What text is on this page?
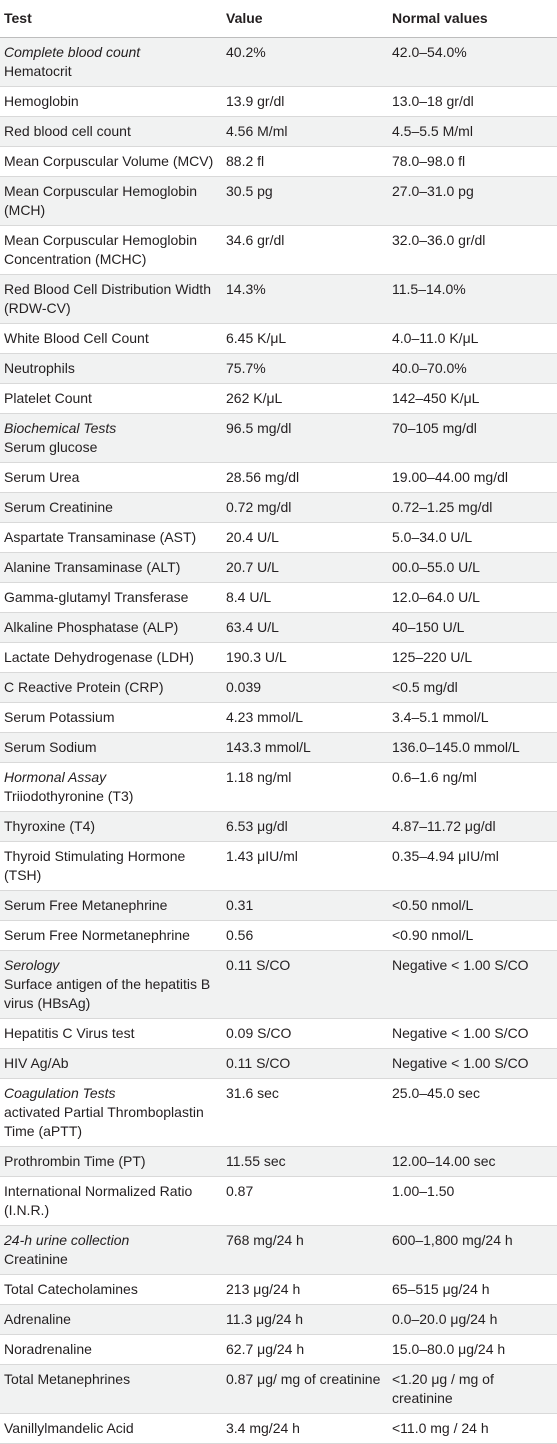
Test	Value	Normal values

Complete blood count
Hematocrit	40.2%	42.0–54.0%

Hemoglobin	13.9 gr/dl	13.0–18 gr/dl

Red blood cell count	4.56 M/ml	4.5–5.5 M/ml

Mean Corpuscular Volume (MCV)	88.2 fl	78.0–98.0 fl

Mean Corpuscular Hemoglobin (MCH)	30.5 pg	27.0–31.0 pg

Mean Corpuscular Hemoglobin Concentration (MCHC)	34.6 gr/dl	32.0–36.0 gr/dl

Red Blood Cell Distribution Width (RDW-CV)	14.3%	11.5–14.0%

White Blood Cell Count	6.45 K/μL	4.0–11.0 K/μL

Neutrophils	75.7%	40.0–70.0%

Platelet Count	262 K/μL	142–450 K/μL

Biochemical Tests
Serum glucose	96.5 mg/dl	70–105 mg/dl

Serum Urea	28.56 mg/dl	19.00–44.00 mg/dl

Serum Creatinine	0.72 mg/dl	0.72–1.25 mg/dl

Aspartate Transaminase (AST)	20.4 U/L	5.0–34.0 U/L

Alanine Transaminase (ALT)	20.7 U/L	00.0–55.0 U/L

Gamma-glutamyl Transferase	8.4 U/L	12.0–64.0 U/L

Alkaline Phosphatase (ALP)	63.4 U/L	40–150 U/L

Lactate Dehydrogenase (LDH)	190.3 U/L	125–220 U/L

C Reactive Protein (CRP)	0.039	<0.5 mg/dl

Serum Potassium	4.23 mmol/L	3.4–5.1 mmol/L

Serum Sodium	143.3 mmol/L	136.0–145.0 mmol/L

Hormonal Assay
Triiodothyronine (T3)	1.18 ng/ml	0.6–1.6 ng/ml

Thyroxine (T4)	6.53 μg/dl	4.87–11.72 μg/dl

Thyroid Stimulating Hormone (TSH)	1.43 μIU/ml	0.35–4.94 μIU/ml

Serum Free Metanephrine	0.31	<0.50 nmol/L

Serum Free Normetanephrine	0.56	<0.90 nmol/L

Serology
Surface antigen of the hepatitis B virus (HBsAg)	0.11 S/CO	Negative < 1.00 S/CO

Hepatitis C Virus test	0.09 S/CO	Negative < 1.00 S/CO

HIV Ag/Ab	0.11 S/CO	Negative < 1.00 S/CO

Coagulation Tests
activated Partial Thromboplastin Time (aPTT)	31.6 sec	25.0–45.0 sec

Prothrombin Time (PT)	11.55 sec	12.00–14.00 sec

International Normalized Ratio (I.N.R.)	0.87	1.00–1.50

24-h urine collection
Creatinine	768 mg/24 h	600–1,800 mg/24 h

Total Catecholamines	213 μg/24 h	65–515 μg/24 h

Adrenaline	11.3 μg/24 h	0.0–20.0 μg/24 h

Noradrenaline	62.7 μg/24 h	15.0–80.0 μg/24 h

Total Metanephrines	0.87 μg/ mg of creatinine	<1.20 μg / mg of creatinine

Vanillylmandelic Acid	3.4 mg/24 h	<11.0 mg / 24 h
